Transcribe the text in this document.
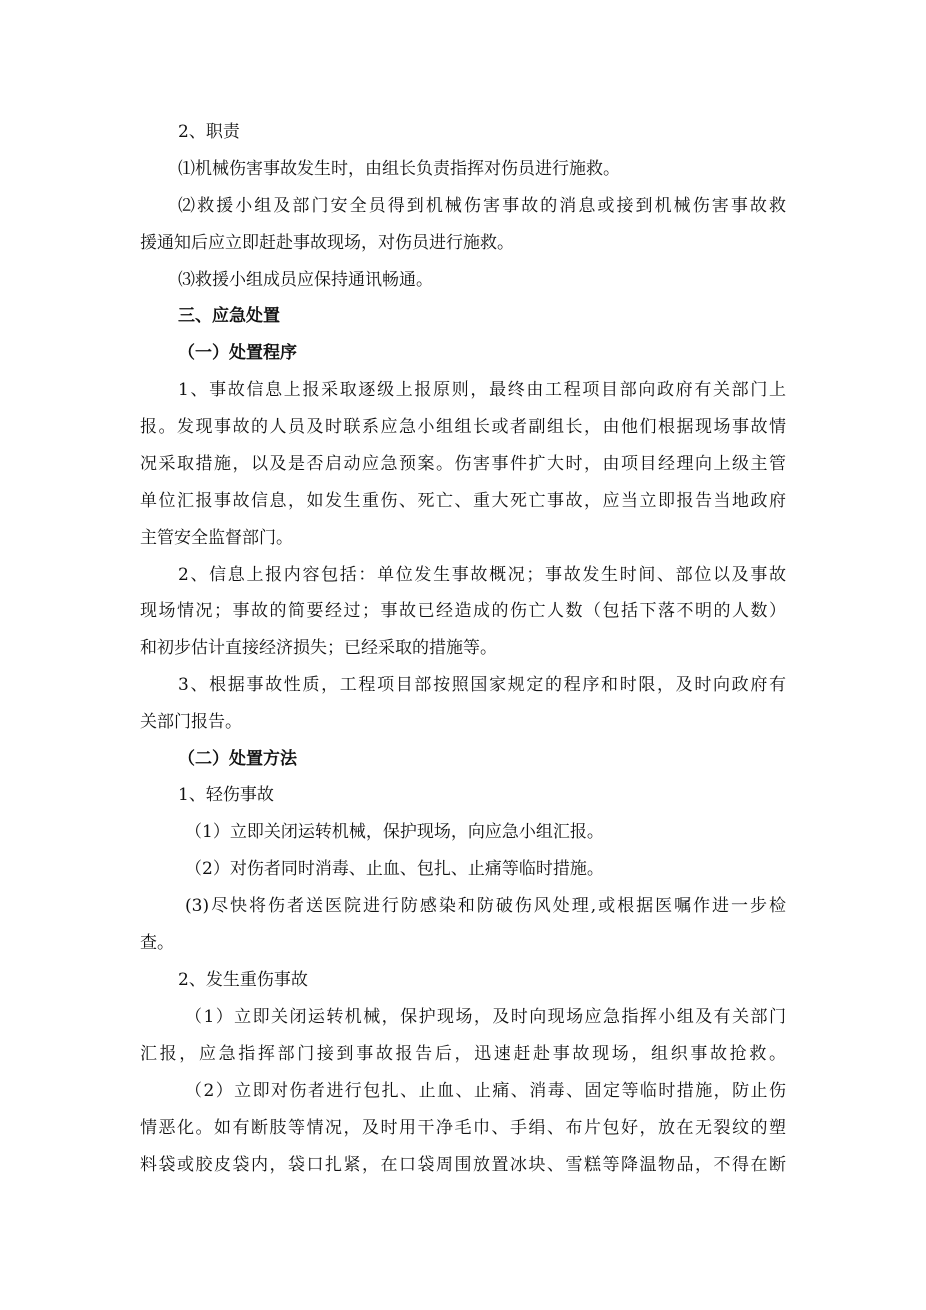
2、职责

⑴机械伤害事故发生时，由组长负责指挥对伤员进行施救。

⑵救援小组及部门安全员得到机械伤害事故的消息或接到机械伤害事故救

援通知后应立即赶赴事故现场，对伤员进行施救。

⑶救援小组成员应保持通讯畅通。

三、应急处置

（一）处置程序

1、事故信息上报采取逐级上报原则，最终由工程项目部向政府有关部门上

报。发现事故的人员及时联系应急小组组长或者副组长，由他们根据现场事故情

况采取措施，以及是否启动应急预案。伤害事件扩大时，由项目经理向上级主管

单位汇报事故信息，如发生重伤、死亡、重大死亡事故，应当立即报告当地政府

主管安全监督部门。

2、信息上报内容包括：单位发生事故概况；事故发生时间、部位以及事故

现场情况；事故的简要经过；事故已经造成的伤亡人数（包括下落不明的人数）

和初步估计直接经济损失；已经采取的措施等。

3、根据事故性质，工程项目部按照国家规定的程序和时限，及时向政府有

关部门报告。

（二）处置方法

1、轻伤事故

（1）立即关闭运转机械，保护现场，向应急小组汇报。

（2）对伤者同时消毒、止血、包扎、止痛等临时措施。

(3)尽快将伤者送医院进行防感染和防破伤风处理,或根据医嘱作进一步检

查。

2、发生重伤事故

（1）立即关闭运转机械，保护现场，及时向现场应急指挥小组及有关部门

汇报，应急指挥部门接到事故报告后，迅速赶赴事故现场，组织事故抢救。

（2）立即对伤者进行包扎、止血、止痛、消毒、固定等临时措施，防止伤

情恶化。如有断肢等情况，及时用干净毛巾、手绢、布片包好，放在无裂纹的塑

料袋或胶皮袋内，袋口扎紧，在口袋周围放置冰块、雪糕等降温物品，不得在断
